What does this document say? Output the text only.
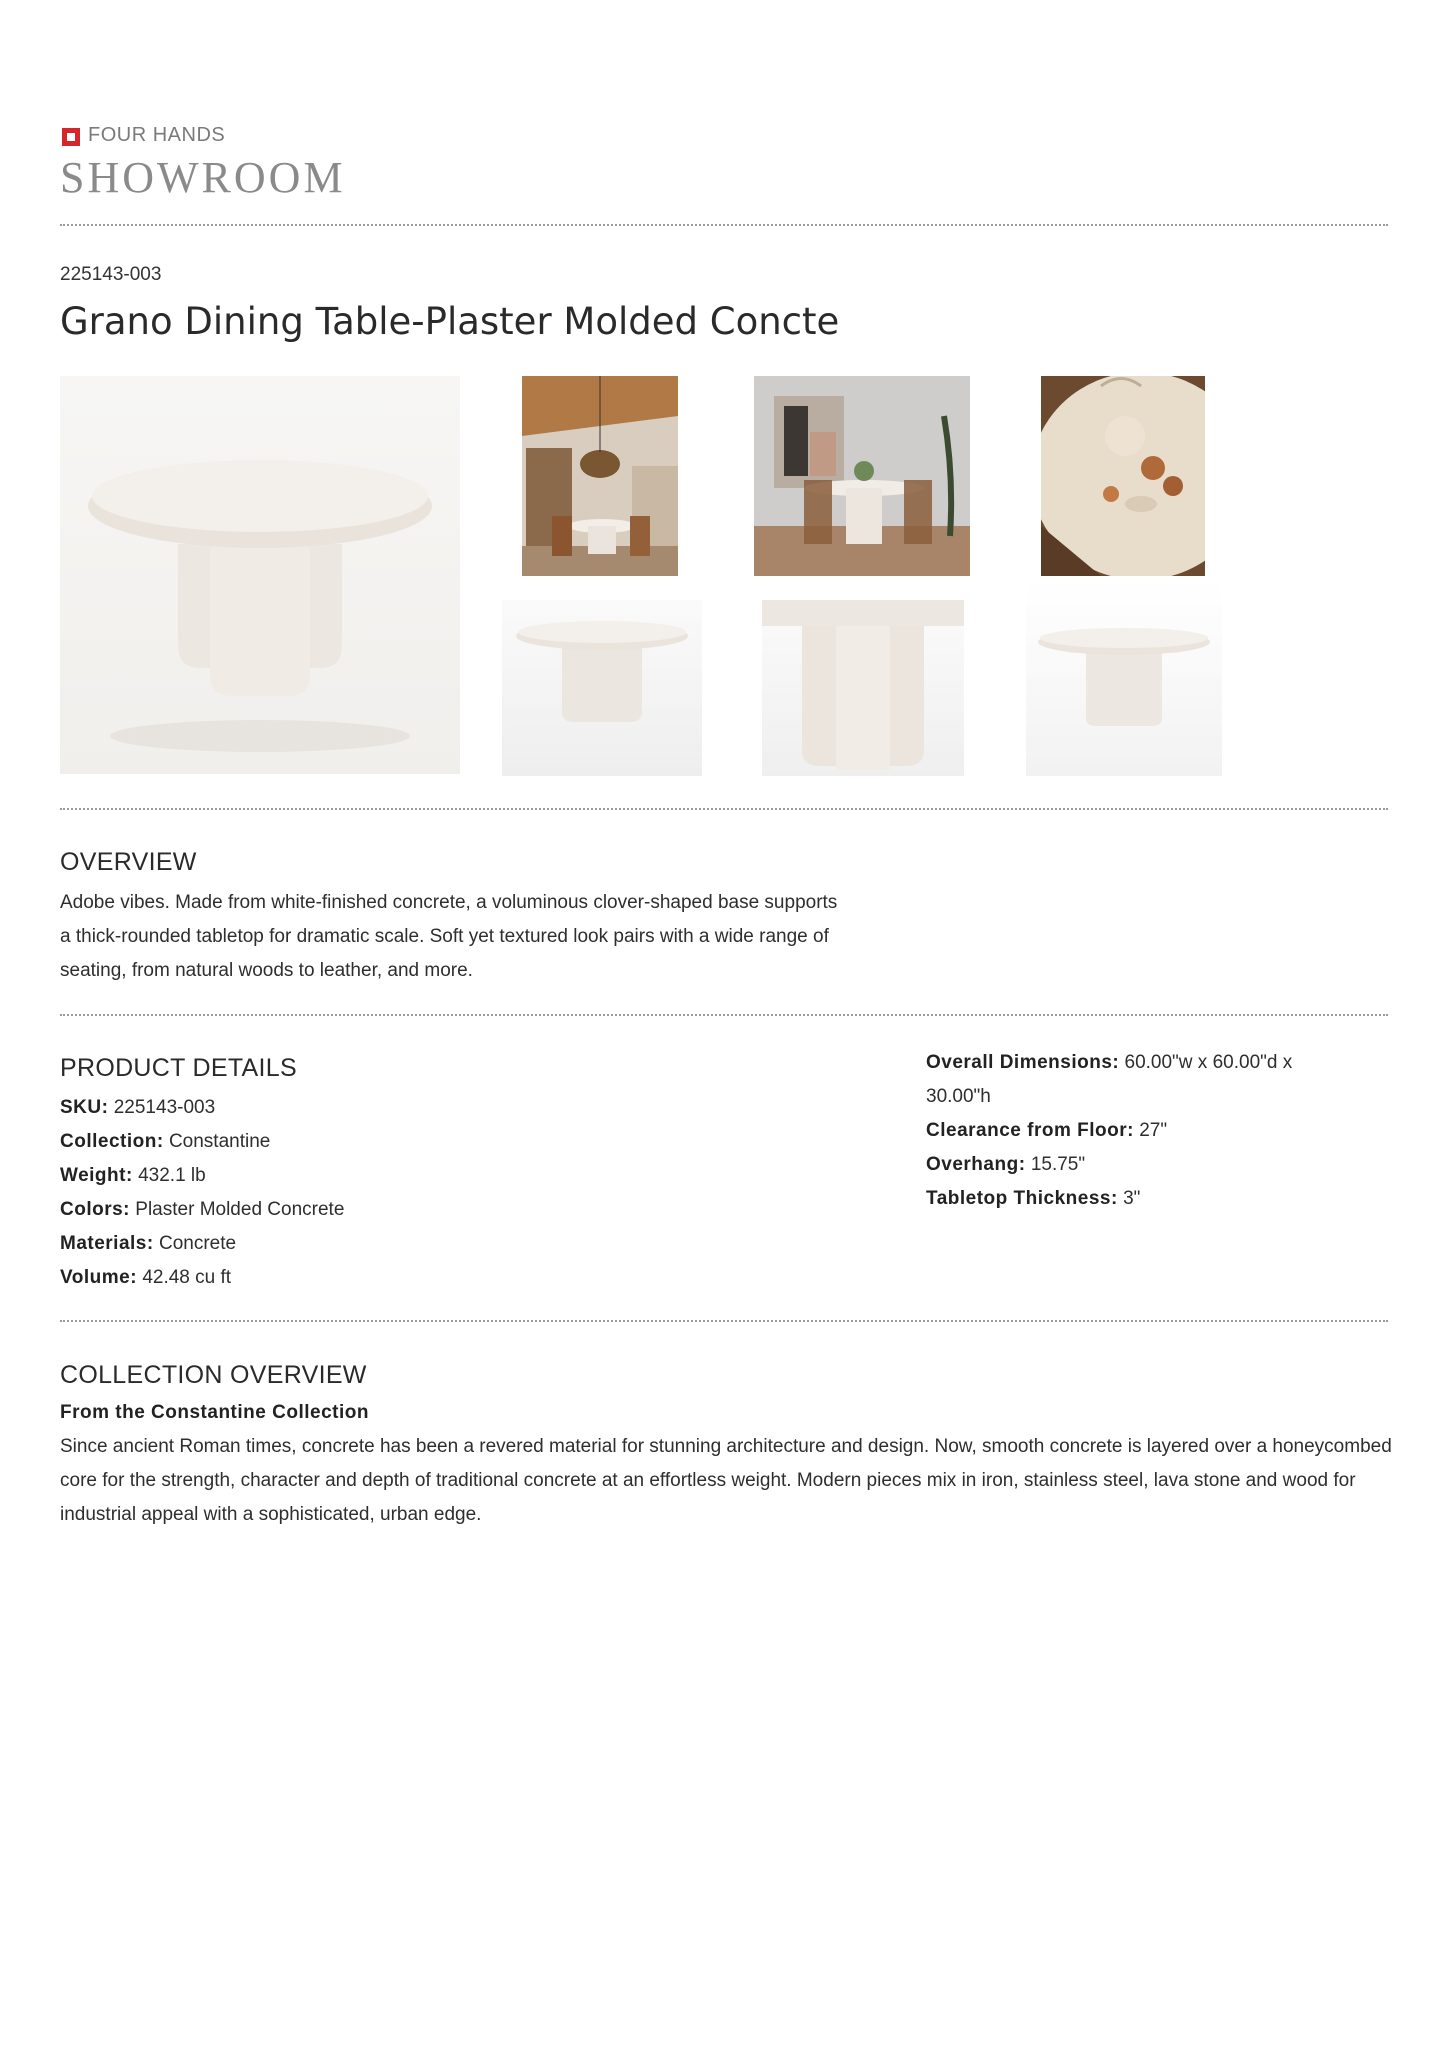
FOUR HANDS
SHOWROOM
225143-003
Grano Dining Table-Plaster Molded Concte
OVERVIEW
Adobe vibes. Made from white-finished concrete, a voluminous clover-shaped base supports a thick-rounded tabletop for dramatic scale. Soft yet textured look pairs with a wide range of seating, from natural woods to leather, and more.
PRODUCT DETAILS
SKU: 225143-003
Collection: Constantine
Weight: 432.1 lb
Colors: Plaster Molded Concrete
Materials: Concrete
Volume: 42.48 cu ft
Overall Dimensions: 60.00"w x 60.00"d x 30.00"h
Clearance from Floor: 27"
Overhang: 15.75"
Tabletop Thickness: 3"
COLLECTION OVERVIEW
From the Constantine Collection
Since ancient Roman times, concrete has been a revered material for stunning architecture and design. Now, smooth concrete is layered over a honeycombed core for the strength, character and depth of traditional concrete at an effortless weight. Modern pieces mix in iron, stainless steel, lava stone and wood for industrial appeal with a sophisticated, urban edge.
